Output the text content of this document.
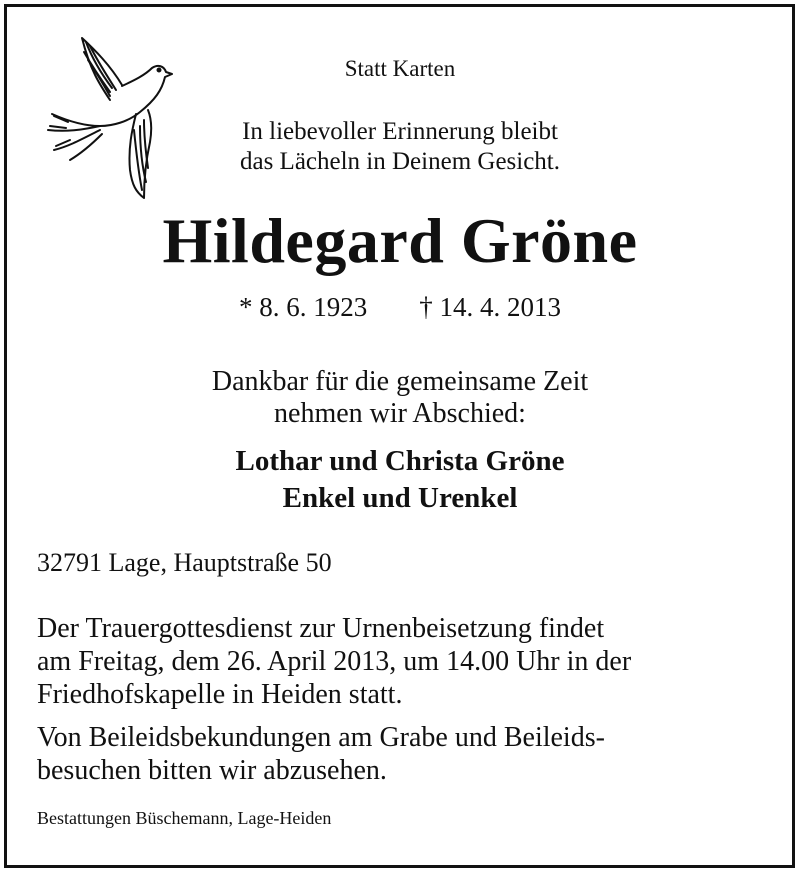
Statt Karten
In liebevoller Erinnerung bleibt
das Lächeln in Deinem Gesicht.
Hildegard Gröne
* 8. 6. 1923 † 14. 4. 2013
Dankbar für die gemeinsame Zeit
nehmen wir Abschied:
Lothar und Christa Gröne
Enkel und Urenkel
32791 Lage, Hauptstraße 50
Der Trauergottesdienst zur Urnenbeisetzung findet
am Freitag, dem 26. April 2013, um 14.00 Uhr in der
Friedhofskapelle in Heiden statt.
Von Beileidsbekundungen am Grabe und Beileids-
besuchen bitten wir abzusehen.
Bestattungen Büschemann, Lage-Heiden
